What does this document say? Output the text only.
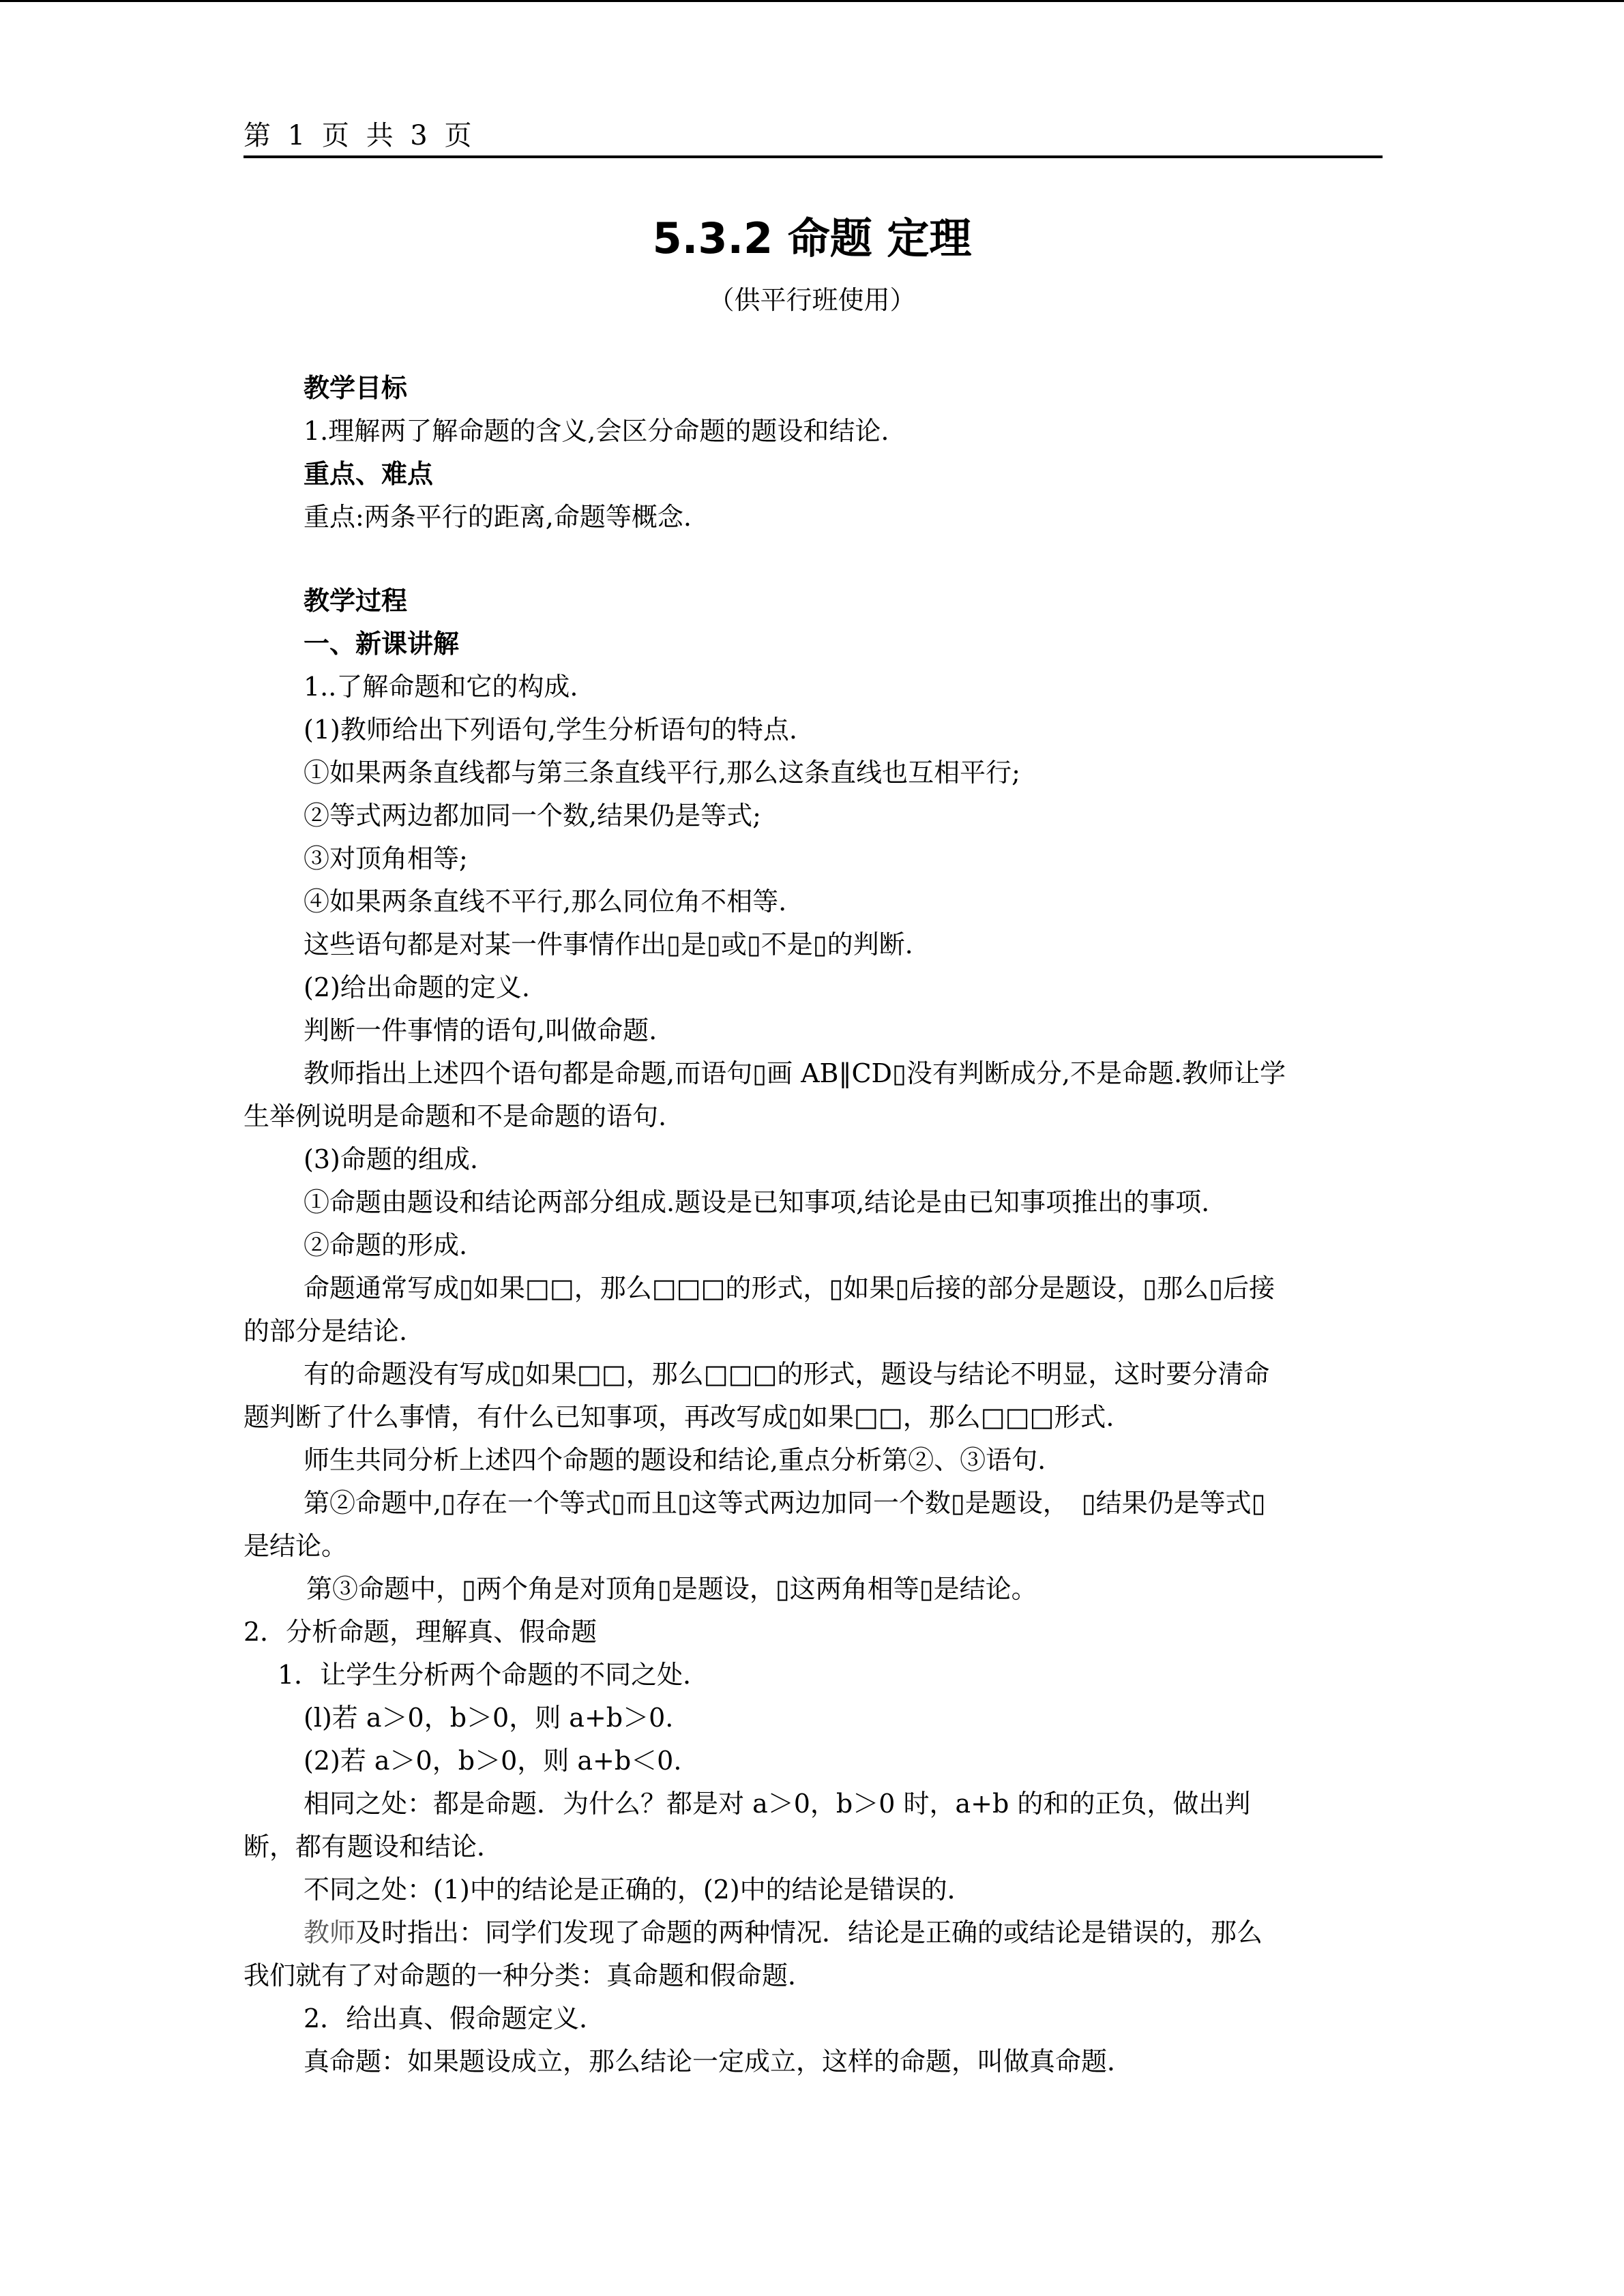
第 1 页 共 3 页
5.3.2 命题 定理
（供平行班使用）
教学目标
1.理解两了解命题的含义,会区分命题的题设和结论.
重点、难点
重点:两条平行的距离,命题等概念.
教学过程
一、新课讲解
1..了解命题和它的构成.
(1)教师给出下列语句,学生分析语句的特点.
①如果两条直线都与第三条直线平行,那么这条直线也互相平行;
②等式两边都加同一个数,结果仍是等式;
③对顶角相等;
④如果两条直线不平行,那么同位角不相等.
这些语句都是对某一件事情作出▯是▯或▯不是▯的判断.
(2)给出命题的定义.
判断一件事情的语句,叫做命题.
教师指出上述四个语句都是命题,而语句▯画 AB‖CD▯没有判断成分,不是命题.教师让学
生举例说明是命题和不是命题的语句.
(3)命题的组成.
①命题由题设和结论两部分组成.题设是已知事项,结论是由已知事项推出的事项.
②命题的形成.
命题通常写成▯如果□□，那么□□□的形式，▯如果▯后接的部分是题设，▯那么▯后接
的部分是结论.
有的命题没有写成▯如果□□，那么□□□的形式，题设与结论不明显，这时要分清命
题判断了什么事情，有什么已知事项，再改写成▯如果□□，那么□□□形式.
师生共同分析上述四个命题的题设和结论,重点分析第②、③语句.
第②命题中,▯存在一个等式▯而且▯这等式两边加同一个数▯是题设，　▯结果仍是等式▯
是结论。
第③命题中，▯两个角是对顶角▯是题设，▯这两角相等▯是结论。
2．分析命题，理解真、假命题
1．让学生分析两个命题的不同之处．
(l)若 a＞0，b＞0，则 a+b＞0.
(2)若 a＞0，b＞0，则 a+b＜0.
相同之处：都是命题．为什么？都是对 a＞0，b＞0 时，a+b 的和的正负，做出判
断，都有题设和结论．
不同之处：(1)中的结论是正确的，(2)中的结论是错误的．
教师及时指出：同学们发现了命题的两种情况．结论是正确的或结论是错误的，那么
我们就有了对命题的一种分类：真命题和假命题．
2．给出真、假命题定义．
真命题：如果题设成立，那么结论一定成立，这样的命题，叫做真命题．
